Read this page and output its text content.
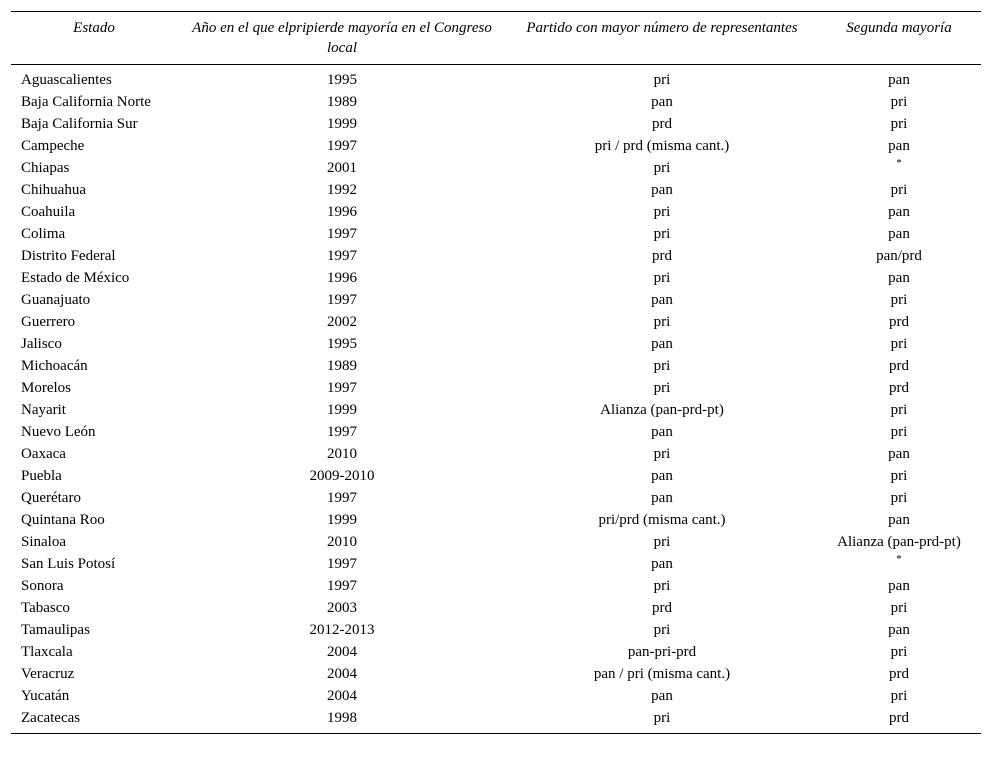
Estado	Año en el que elpripierde mayoría en el Congreso local	Partido con mayor número de representantes	Segunda mayoría
Aguascalientes	1995	pri	pan
Baja California Norte	1989	pan	pri
Baja California Sur	1999	prd	pri
Campeche	1997	pri / prd (misma cant.)	pan
Chiapas	2001	pri	*

Chihuahua	1992	pan	pri
Coahuila	1996	pri	pan
Colima	1997	pri	pan
Distrito Federal	1997	prd	pan/prd
Estado de México	1996	pri	pan
Guanajuato	1997	pan	pri
Guerrero	2002	pri	prd
Jalisco	1995	pan	pri
Michoacán	1989	pri	prd
Morelos	1997	pri	prd
Nayarit	1999	Alianza (pan-prd-pt)	pri
Nuevo León	1997	pan	pri
Oaxaca	2010	pri	pan
Puebla	2009-2010	pan	pri
Querétaro	1997	pan	pri
Quintana Roo	1999	pri/prd (misma cant.)	pan
Sinaloa	2010	pri	Alianza (pan-prd-pt)
San Luis Potosí	1997	pan	*

Sonora	1997	pri	pan
Tabasco	2003	prd	pri
Tamaulipas	2012-2013	pri	pan
Tlaxcala	2004	pan-pri-prd	pri
Veracruz	2004	pan / pri (misma cant.)	prd
Yucatán	2004	pan	pri
Zacatecas	1998	pri	prd
